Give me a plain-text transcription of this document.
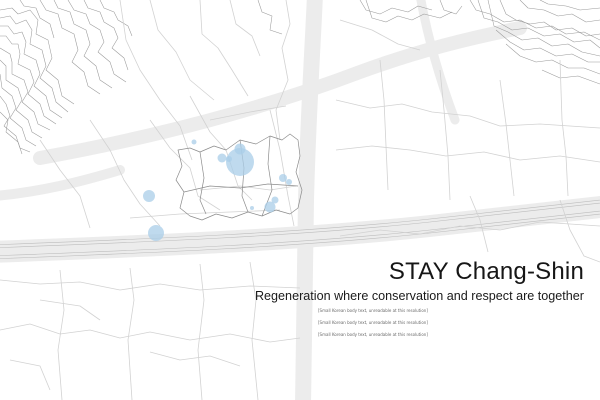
STAY Chang-Shin
Regeneration where conservation and respect are together

[Small Korean body text, unreadable at this resolution]

[Small Korean body text, unreadable at this resolution]

[Small Korean body text, unreadable at this resolution]
